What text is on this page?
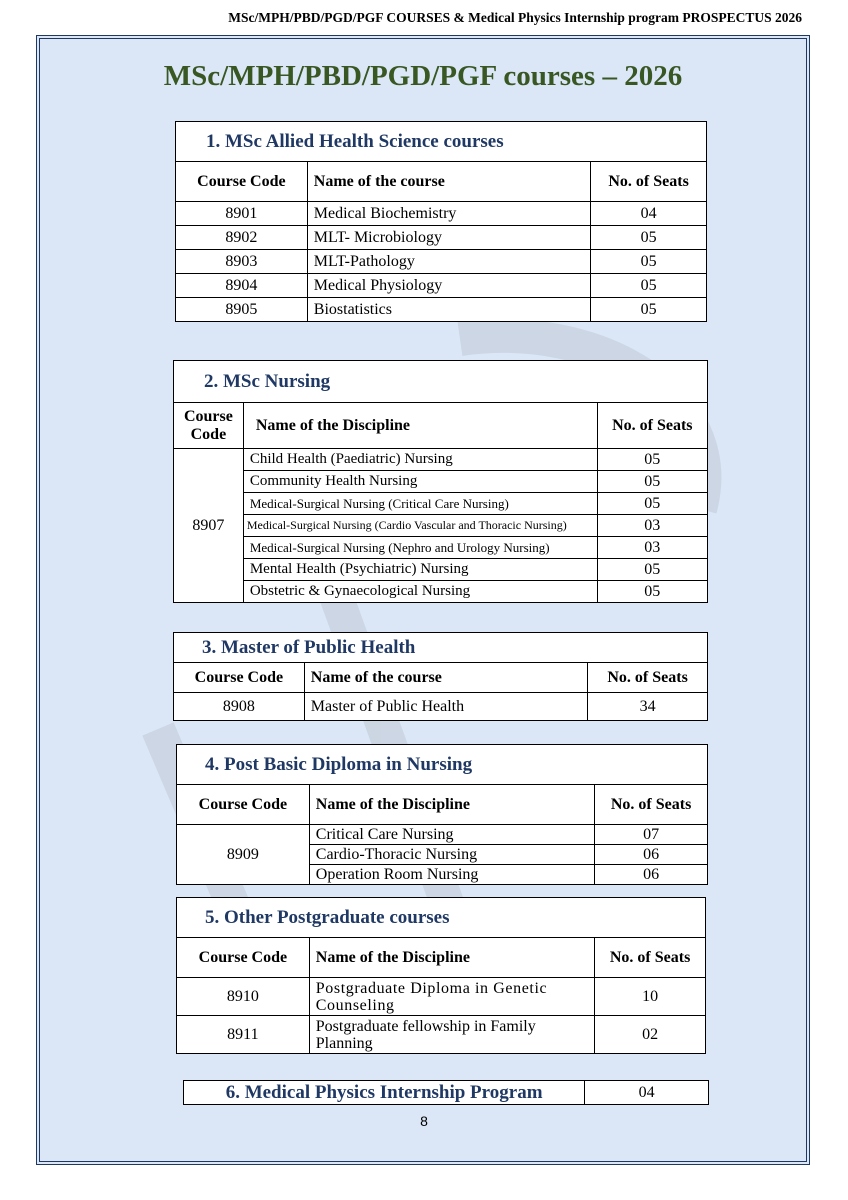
MSc/MPH/PBD/PGD/PGF COURSES & Medical Physics Internship program PROSPECTUS 2026
MSc/MPH/PBD/PGD/PGF courses – 2026
1. MSc Allied Health Science courses		
Course Code	Name of the course	No. of Seats
8901	Medical Biochemistry	04
8902	MLT- Microbiology	05
8903	MLT-Pathology	05
8904	Medical Physiology	05
8905	Biostatistics	05
2. MSc Nursing		
Course Code	Name of the Discipline	No. of Seats
8907	Child Health (Paediatric) Nursing	05
	Community Health Nursing	05
	Medical-Surgical Nursing (Critical Care Nursing)	05
	Medical-Surgical Nursing (Cardio Vascular and Thoracic Nursing)	03
	Medical-Surgical Nursing (Nephro and Urology Nursing)	03
	Mental Health (Psychiatric) Nursing	05
	Obstetric & Gynaecological Nursing	05
3. Master of Public Health		
Course Code	Name of the course	No. of Seats
8908	Master of Public Health	34
4. Post Basic Diploma in Nursing		
Course Code	Name of the Discipline	No. of Seats
8909	Critical Care Nursing	07
	Cardio-Thoracic Nursing	06
	Operation Room Nursing	06
5. Other Postgraduate courses		
Course Code	Name of the Discipline	No. of Seats
8910	Postgraduate Diploma in Genetic Counseling	10
8911	Postgraduate fellowship in Family Planning	02
6. Medical Physics Internship Program	04
8
